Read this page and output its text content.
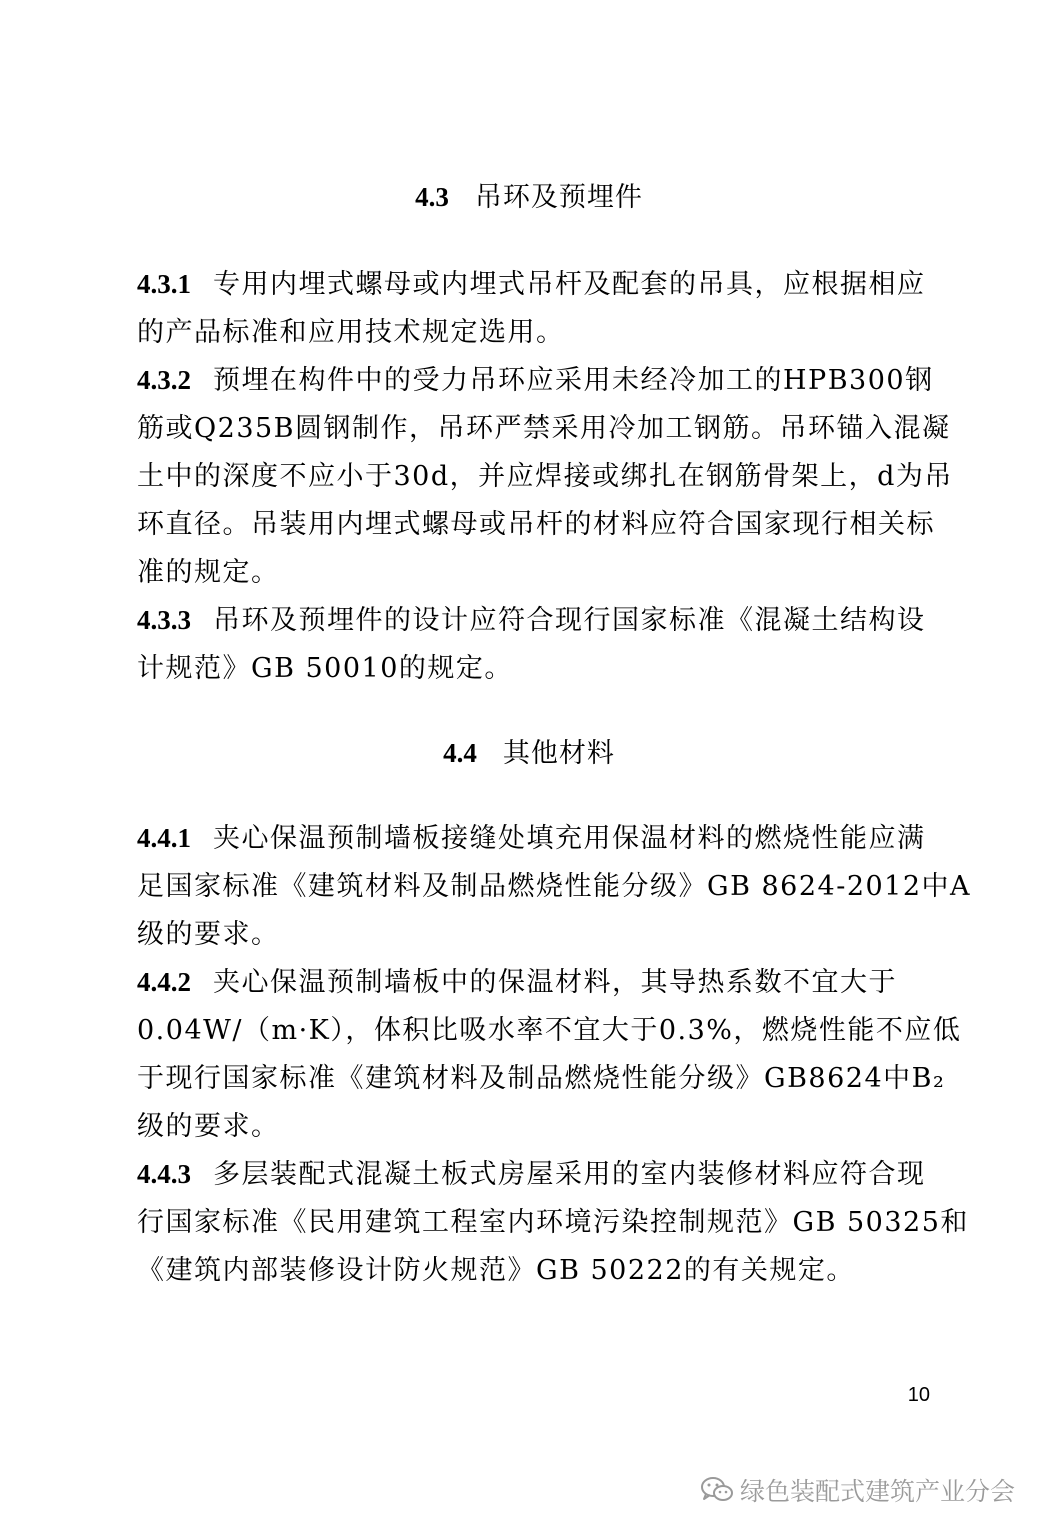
4.3 吊环及预埋件
4.3.1 专用内埋式螺母或内埋式吊杆及配套的吊具，应根据相应
的产品标准和应用技术规定选用。
4.3.2 预埋在构件中的受力吊环应采用未经冷加工的HPB300钢
筋或Q235B圆钢制作，吊环严禁采用冷加工钢筋。吊环锚入混凝
土中的深度不应小于30d，并应焊接或绑扎在钢筋骨架上，d为吊
环直径。吊装用内埋式螺母或吊杆的材料应符合国家现行相关标
准的规定。
4.3.3 吊环及预埋件的设计应符合现行国家标准《混凝土结构设
计规范》GB 50010的规定。
4.4 其他材料
4.4.1 夹心保温预制墙板接缝处填充用保温材料的燃烧性能应满
足国家标准《建筑材料及制品燃烧性能分级》GB 8624-2012中A
级的要求。
4.4.2 夹心保温预制墙板中的保温材料，其导热系数不宜大于
0.04W/（m·K），体积比吸水率不宜大于0.3%，燃烧性能不应低
于现行国家标准《建筑材料及制品燃烧性能分级》GB8624中B₂
级的要求。
4.4.3 多层装配式混凝土板式房屋采用的室内装修材料应符合现
行国家标准《民用建筑工程室内环境污染控制规范》GB 50325和
《建筑内部装修设计防火规范》GB 50222的有关规定。
10
绿色装配式建筑产业分会
